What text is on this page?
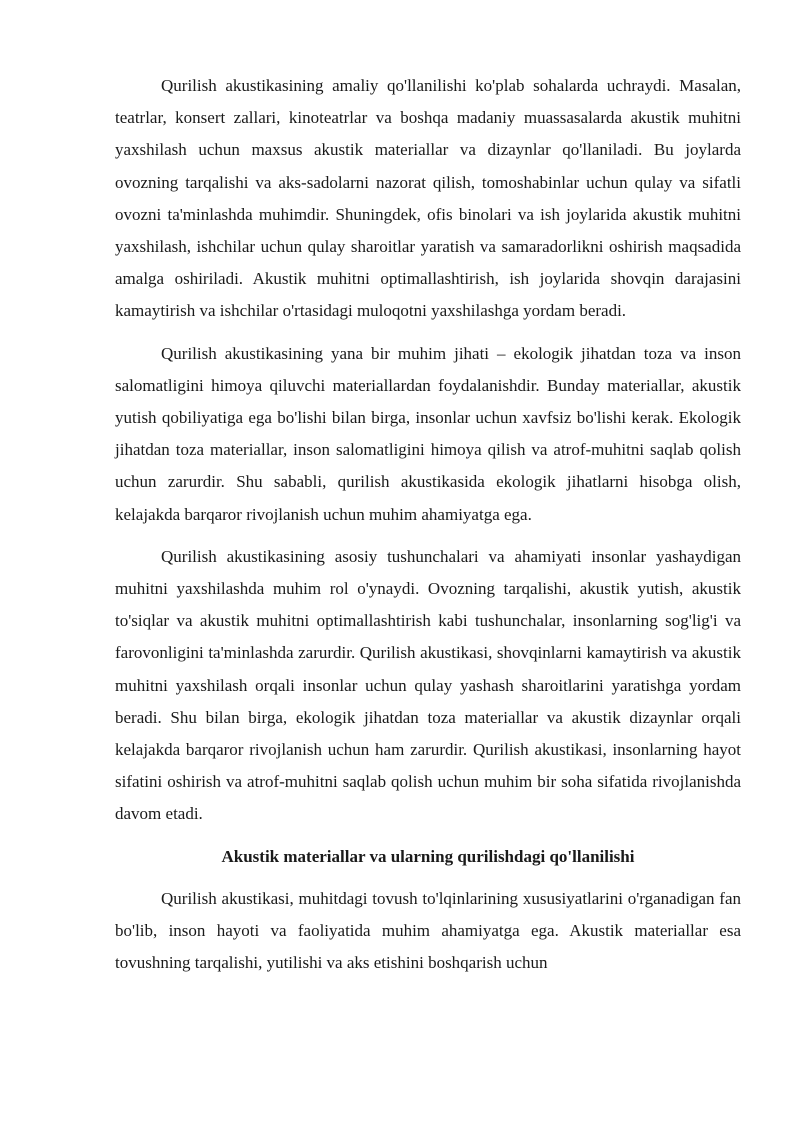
Qurilish akustikasining amaliy qo'llanilishi ko'plab sohalarda uchraydi. Masalan, teatrlar, konsert zallari, kinoteatrlar va boshqa madaniy muassasalarda akustik muhitni yaxshilash uchun maxsus akustik materiallar va dizaynlar qo'llaniladi. Bu joylarda ovozning tarqalishi va aks-sadolarni nazorat qilish, tomoshabinlar uchun qulay va sifatli ovozni ta'minlashda muhimdir. Shuningdek, ofis binolari va ish joylarida akustik muhitni yaxshilash, ishchilar uchun qulay sharoitlar yaratish va samaradorlikni oshirish maqsadida amalga oshiriladi. Akustik muhitni optimallashtirish, ish joylarida shovqin darajasini kamaytirish va ishchilar o'rtasidagi muloqotni yaxshilashga yordam beradi.

Qurilish akustikasining yana bir muhim jihati – ekologik jihatdan toza va inson salomatligini himoya qiluvchi materiallardan foydalanishdir. Bunday materiallar, akustik yutish qobiliyatiga ega bo'lishi bilan birga, insonlar uchun xavfsiz bo'lishi kerak. Ekologik jihatdan toza materiallar, inson salomatligini himoya qilish va atrof-muhitni saqlab qolish uchun zarurdir. Shu sababli, qurilish akustikasida ekologik jihatlarni hisobga olish, kelajakda barqaror rivojlanish uchun muhim ahamiyatga ega.

Qurilish akustikasining asosiy tushunchalari va ahamiyati insonlar yashaydigan muhitni yaxshilashda muhim rol o'ynaydi. Ovozning tarqalishi, akustik yutish, akustik to'siqlar va akustik muhitni optimallashtirish kabi tushunchalar, insonlarning sog'lig'i va farovonligini ta'minlashda zarurdir. Qurilish akustikasi, shovqinlarni kamaytirish va akustik muhitni yaxshilash orqali insonlar uchun qulay yashash sharoitlarini yaratishga yordam beradi. Shu bilan birga, ekologik jihatdan toza materiallar va akustik dizaynlar orqali kelajakda barqaror rivojlanish uchun ham zarurdir. Qurilish akustikasi, insonlarning hayot sifatini oshirish va atrof-muhitni saqlab qolish uchun muhim bir soha sifatida rivojlanishda davom etadi.

Akustik materiallar va ularning qurilishdagi qo'llanilishi

Qurilish akustikasi, muhitdagi tovush to'lqinlarining xususiyatlarini o'rganadigan fan bo'lib, inson hayoti va faoliyatida muhim ahamiyatga ega. Akustik materiallar esa tovushning tarqalishi, yutilishi va aks etishini boshqarish uchun
